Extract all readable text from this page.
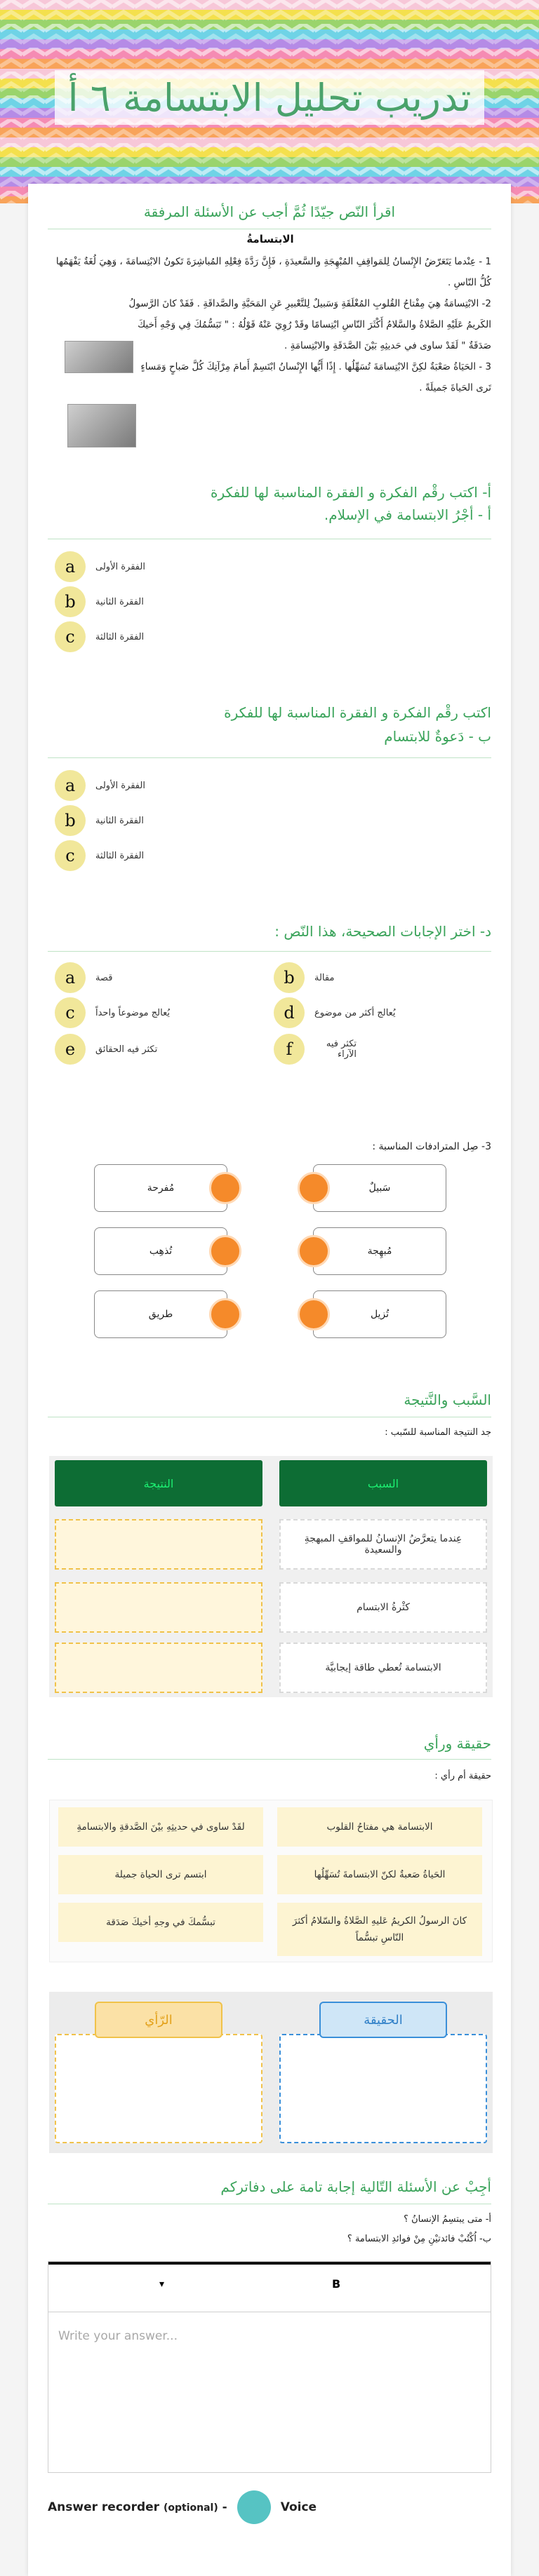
تدريب تحليل الابتسامة ٦ أ
اقرأ النّص جيّدًا ثُمَّ أجب عن الأسئلة المرفقة
الابتسامةُ
1 - عِنْدما يَتَعَرّضُ الإِنْسانُ لِلمَواقِفِ المُبْهِجَةِ والسَّعيدَةِ ، فَإِنَّ رَدَّةَ فِعْلِهِ المُباشِرَةَ تَكونُ الابْتِسامَةَ ، وَهِيَ لُغَةٌ يَفْهَمُها كُلُّ النّاسِ .
2- الابْتِسامَةُ هِيَ مِفْتاحُ القُلوبِ المُغْلَقَةِ وَسَبيلٌ لِلتَّعْبيرِ عَنِ المَحَبَّةِ والصَّداقَةِ . فَقَدْ كانَ الرَّسولُ الكَريمُ عَلَيْهِ الصَّلاةُ والسَّلامُ أَكْثَرَ النّاسِ ابْتِسامًا وقَدْ رُوِيَ عَنْهُ قَوْلُهُ : " تَبَسُّمُكَ فِي وَجْهِ أَخيكَ صَدَقَةٌ " لَقَدْ ساوى في حَديثِهِ بَيْنَ الصَّدَقَةِ والابْتِسامَةِ .
3 - الحَيَاةُ صَعْبَةٌ لكِنَّ الابْتِسامَةَ تُسَهِّلُها . إِذًا أَيُّها الإِنْسانُ ابْتَسِمْ أَمامَ مِرْآتِكَ كُلَّ صَباحٍ وَمَساءٍ تَرى الحَياةَ جَميلَةً .
ﺃ- اكتب رقْم الفكرة و الفقرة المناسبة لها للفكرة
أ - أجْرُ الابتسامة في الإسلام.
a	الفقرة الأولى
b	الفقرة الثانية
c	الفقرة الثالثة
اكتب رقْم الفكرة و الفقرة المناسبة لها للفكرة
ب - دَعوةٌ للابتسام
a	الفقرة الأولى
b	الفقرة الثانية
c	الفقرة الثالثة
د- اختر الإجابات الصحيحة، هذا النّص :
a	قصة	b	مقالة
c	يُعالج موضوعاً واحداً	d	يُعالج أكثر من موضوع
e	تكثر فيه الحقائق	f	تكثر فيه الآراء
3- صِل المترادفات المناسبة :
مُفرحة	سَبيلٌ
تُذهِب	مُبهِجة
طريق	تُزيل
السَّبب والنَّتيجة
جد النتيجة المناسبة للسّبب :
النتيجة	السبب
عِندما يتعرَّضُ الإنسانُ للمواقفِ المبهجةِ والسعيدة
كثْرةُ الابتسام
الابتسامة تُعطي طاقة إيجابيَّة
حقيقة ورأي
حقيقة أم رأي :
الابتسامة هي مفتاحُ القلوب
لقَدْ ساوى في حديثِهِ بيْنَ الصَّدقةِ والابتسامةِ
الحَياةُ صَعبةٌ لكنّ الابتسامةَ تُسَهِّلُها
ابتسم ترى الحياة جميلة
كانَ الرسولُ الكريمُ عَليهِ الصَّلاةُ والسّلامُ أكثرَ النّاسِ تبسُّماً
تبسُّمكَ في وجهِ أخيكَ صَدَقة
الرّأي	الحقيقة
أجِبْ عن الأسئلة التّالية إجابة تامة على دفاتركم
أ- متى يبتسِمُ الإنسانُ ؟
ب- اُكْتُبْ فائدتيْنِ مِنْ فوائدِ الابتسامة ؟
▾	B
Write your answer...
Answer recorder (optional) -	Voice
